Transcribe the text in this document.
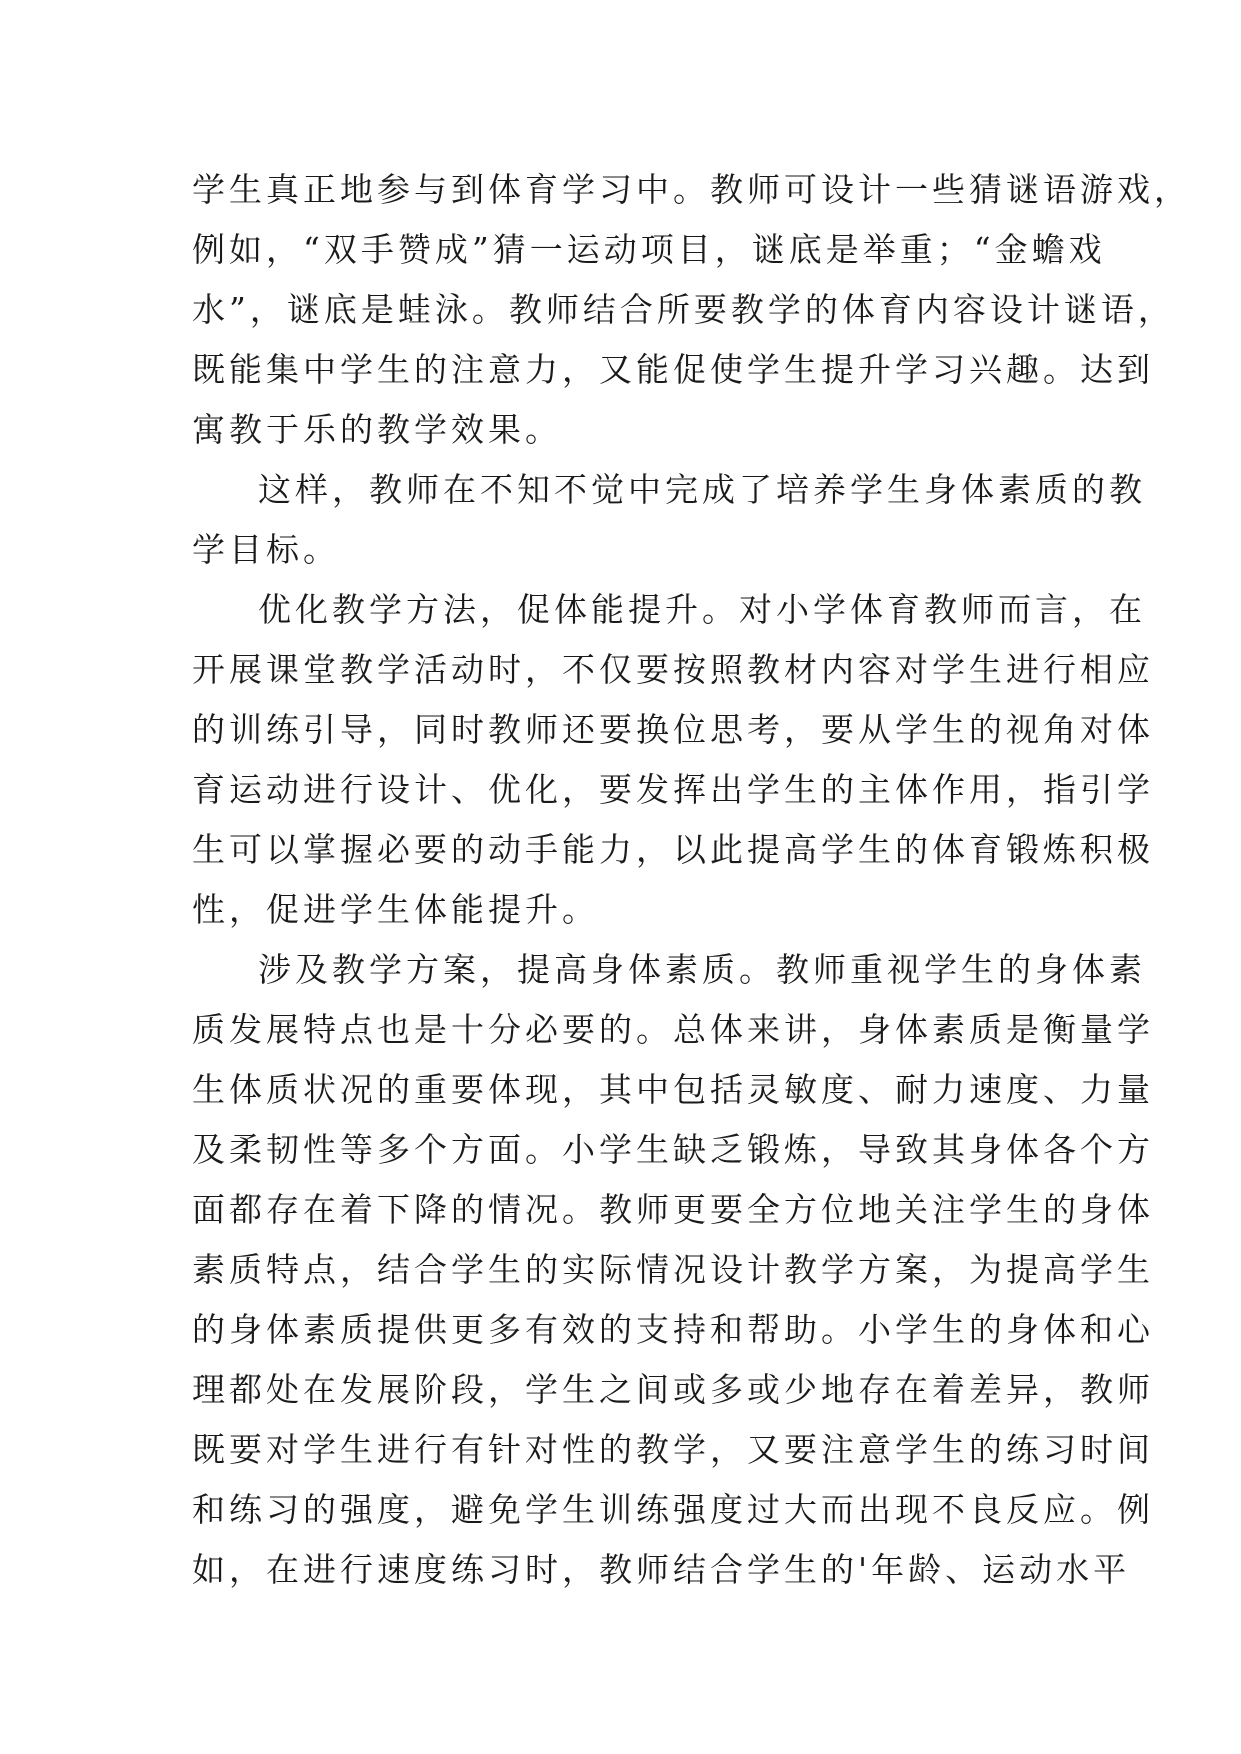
学生真正地参与到体育学习中。教师可设计一些猜谜语游戏，
例如，“双手赞成”猜一运动项目，谜底是举重；“金蟾戏
水”，谜底是蛙泳。教师结合所要教学的体育内容设计谜语，
既能集中学生的注意力，又能促使学生提升学习兴趣。达到
寓教于乐的教学效果。
这样，教师在不知不觉中完成了培养学生身体素质的教
学目标。
优化教学方法，促体能提升。对小学体育教师而言，在
开展课堂教学活动时，不仅要按照教材内容对学生进行相应
的训练引导，同时教师还要换位思考，要从学生的视角对体
育运动进行设计、优化，要发挥出学生的主体作用，指引学
生可以掌握必要的动手能力，以此提高学生的体育锻炼积极
性，促进学生体能提升。
涉及教学方案，提高身体素质。教师重视学生的身体素
质发展特点也是十分必要的。总体来讲，身体素质是衡量学
生体质状况的重要体现，其中包括灵敏度、耐力速度、力量
及柔韧性等多个方面。小学生缺乏锻炼，导致其身体各个方
面都存在着下降的情况。教师更要全方位地关注学生的身体
素质特点，结合学生的实际情况设计教学方案，为提高学生
的身体素质提供更多有效的支持和帮助。小学生的身体和心
理都处在发展阶段，学生之间或多或少地存在着差异，教师
既要对学生进行有针对性的教学，又要注意学生的练习时间
和练习的强度，避免学生训练强度过大而出现不良反应。例
如，在进行速度练习时，教师结合学生的'年龄、运动水平
